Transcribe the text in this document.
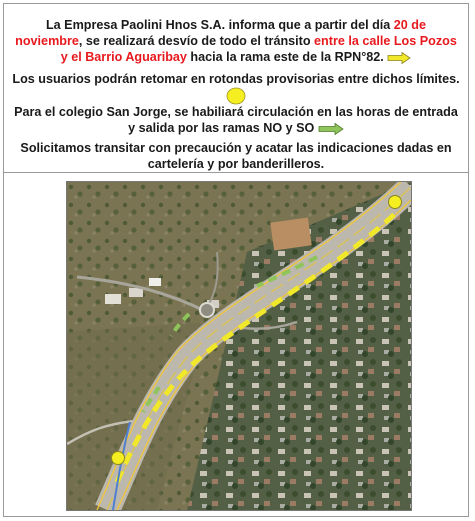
La Empresa Paolini Hnos S.A. informa que a partir del día 20 de noviembre, se realizará desvío de todo el tránsito entre la calle Los Pozos y el Barrio Aguaribay hacia la rama este de la RPN°82.

Los usuarios podrán retomar en rotondas provisorias entre dichos límites.

Para el colegio San Jorge, se habiliará circulación en las horas de entrada y salida por las ramas NO y SO

Solicitamos transitar con precaución y acatar las indicaciones dadas en cartelería y por banderilleros.
